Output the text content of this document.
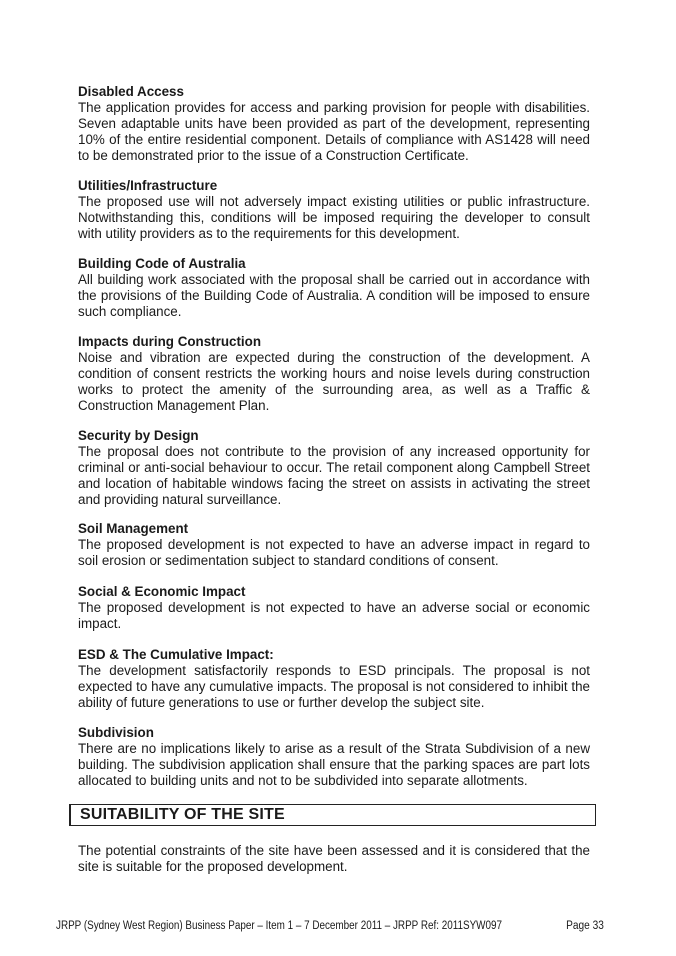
Disabled Access

The application provides for access and parking provision for people with disabilities. Seven adaptable units have been provided as part of the development, representing 10% of the entire residential component. Details of compliance with AS1428 will need to be demonstrated prior to the issue of a Construction Certificate.

Utilities/Infrastructure

The proposed use will not adversely impact existing utilities or public infrastructure. Notwithstanding this, conditions will be imposed requiring the developer to consult with utility providers as to the requirements for this development.

Building Code of Australia

All building work associated with the proposal shall be carried out in accordance with the provisions of the Building Code of Australia. A condition will be imposed to ensure such compliance.

Impacts during Construction

Noise and vibration are expected during the construction of the development. A condition of consent restricts the working hours and noise levels during construction works to protect the amenity of the surrounding area, as well as a Traffic & Construction Management Plan.

Security by Design

The proposal does not contribute to the provision of any increased opportunity for criminal or anti-social behaviour to occur. The retail component along Campbell Street and location of habitable windows facing the street on assists in activating the street and providing natural surveillance.

Soil Management

The proposed development is not expected to have an adverse impact in regard to soil erosion or sedimentation subject to standard conditions of consent.

Social & Economic Impact

The proposed development is not expected to have an adverse social or economic impact.

ESD & The Cumulative Impact:

The development satisfactorily responds to ESD principals. The proposal is not expected to have any cumulative impacts. The proposal is not considered to inhibit the ability of future generations to use or further develop the subject site.

Subdivision

There are no implications likely to arise as a result of the Strata Subdivision of a new building. The subdivision application shall ensure that the parking spaces are part lots allocated to building units and not to be subdivided into separate allotments.

The potential constraints of the site have been assessed and it is considered that the site is suitable for the proposed development.

SUITABILITY OF THE SITE
JRPP (Sydney West Region) Business Paper – Item 1 – 7 December 2011 – JRPP Ref: 2011SYW097	Page 33
